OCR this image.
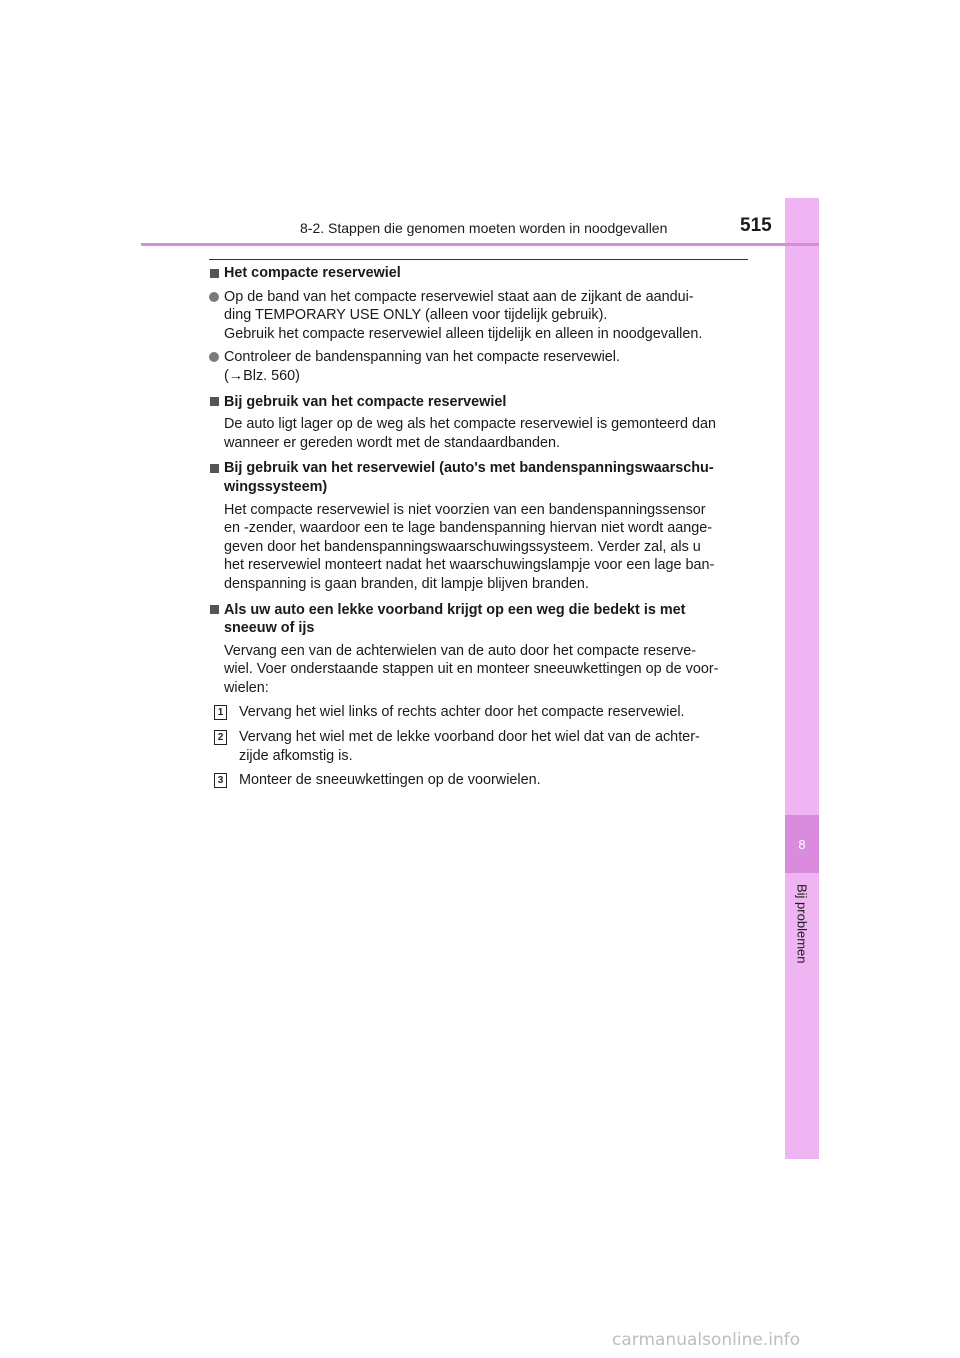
8
Bij problemen
8-2. Stappen die genomen moeten worden in noodgevallen	515
Het compacte reservewiel
Op de band van het compacte reservewiel staat aan de zijkant de aandui-
ding TEMPORARY USE ONLY (alleen voor tijdelijk gebruik).
Gebruik het compacte reservewiel alleen tijdelijk en alleen in noodgevallen.
Controleer de bandenspanning van het compacte reservewiel.
(→Blz. 560)
Bij gebruik van het compacte reservewiel
De auto ligt lager op de weg als het compacte reservewiel is gemonteerd dan
wanneer er gereden wordt met de standaardbanden.
Bij gebruik van het reservewiel (auto's met bandenspanningswaarschu-
wingssysteem)
Het compacte reservewiel is niet voorzien van een bandenspanningssensor
en -zender, waardoor een te lage bandenspanning hiervan niet wordt aange-
geven door het bandenspanningswaarschuwingssysteem. Verder zal, als u
het reservewiel monteert nadat het waarschuwingslampje voor een lage ban-
denspanning is gaan branden, dit lampje blijven branden.
Als uw auto een lekke voorband krijgt op een weg die bedekt is met
sneeuw of ijs
Vervang een van de achterwielen van de auto door het compacte reserve-
wiel. Voer onderstaande stappen uit en monteer sneeuwkettingen op de voor-
wielen:
1 Vervang het wiel links of rechts achter door het compacte reservewiel.
2 Vervang het wiel met de lekke voorband door het wiel dat van de achter-
zijde afkomstig is.
3 Monteer de sneeuwkettingen op de voorwielen.
carmanualsonline.info
